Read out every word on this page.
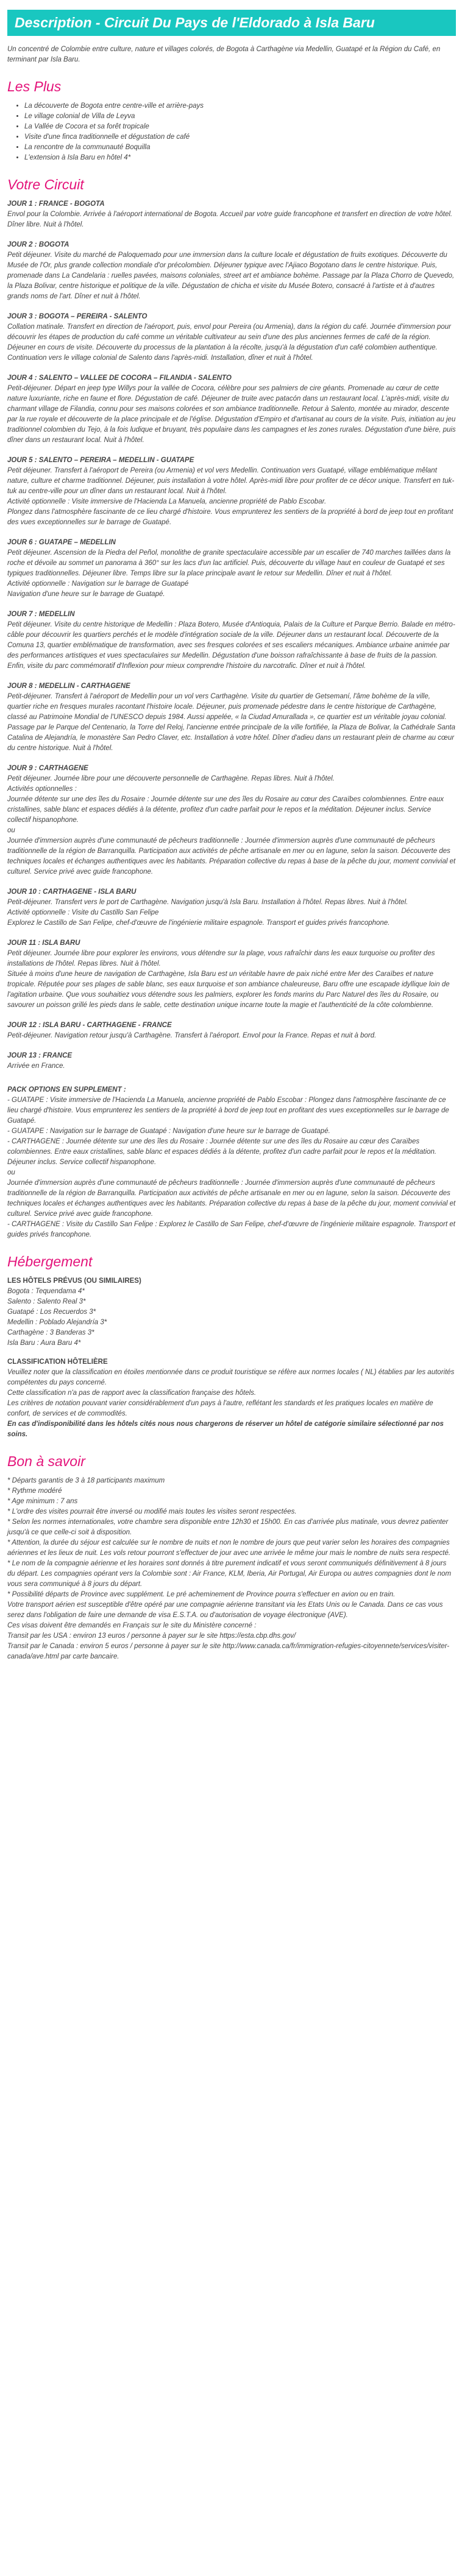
Description - Circuit Du Pays de l'Eldorado à Isla Baru

Un concentré de Colombie entre culture, nature et villages colorés, de Bogota à Carthagène via Medellin, Guatapé et la Région du Café, en terminant par Isla Baru.

Les Plus
• La découverte de Bogota entre centre-ville et arrière-pays
• Le village colonial de Villa de Leyva
• La Vallée de Cocora et sa forêt tropicale
• Visite d'une finca traditionnelle et dégustation de café
• La rencontre de la communauté Boquilla
• L'extension à Isla Baru en hôtel 4*
Votre Circuit
JOUR 1 : FRANCE - BOGOTA
Envol pour la Colombie. Arrivée à l'aéroport international de Bogota. Accueil par votre guide francophone et transfert en direction de votre hôtel. Dîner libre. Nuit à l'hôtel.
JOUR 2 : BOGOTA
Petit déjeuner. Visite du marché de Paloquemado pour une immersion dans la culture locale et dégustation de fruits exotiques. Découverte du Musée de l'Or, plus grande collection mondiale d'or précolombien. Déjeuner typique avec l'Ajiaco Bogotano dans le centre historique. Puis, promenade dans La Candelaria : ruelles pavées, maisons coloniales, street art et ambiance bohème. Passage par la Plaza Chorro de Quevedo, la Plaza Bolivar, centre historique et politique de la ville. Dégustation de chicha et visite du Musée Botero, consacré à l'artiste et à d'autres grands noms de l'art. Dîner et nuit à l'hôtel.
JOUR 3 : BOGOTA – PEREIRA - SALENTO
Collation matinale. Transfert en direction de l'aéroport, puis, envol pour Pereira (ou Armenia), dans la région du café. Journée d'immersion pour découvrir les étapes de production du café comme un véritable cultivateur au sein d'une des plus anciennes fermes de café de la région. Déjeuner en cours de visite. Découverte du processus de la plantation à la récolte, jusqu'à la dégustation d'un café colombien authentique. Continuation vers le village colonial de Salento dans l'après-midi. Installation, dîner et nuit à l'hôtel.
JOUR 4 : SALENTO – VALLEE DE COCORA – FILANDIA - SALENTO
Petit-déjeuner. Départ en jeep type Willys pour la vallée de Cocora, célèbre pour ses palmiers de cire géants. Promenade au cœur de cette nature luxuriante, riche en faune et flore. Dégustation de café. Déjeuner de truite avec patacón dans un restaurant local. L'après-midi, visite du charmant village de Filandia, connu pour ses maisons colorées et son ambiance traditionnelle. Retour à Salento, montée au mirador, descente par la rue royale et découverte de la place principale et de l'église. Dégustation d'Empiro et d'artisanat au cours de la visite. Puis, initiation au jeu traditionnel colombien du Tejo, à la fois ludique et bruyant, très populaire dans les campagnes et les zones rurales. Dégustation d'une bière, puis dîner dans un restaurant local. Nuit à l'hôtel.
JOUR 5 : SALENTO – PEREIRA – MEDELLIN - GUATAPE
Petit déjeuner. Transfert à l'aéroport de Pereira (ou Armenia) et vol vers Medellin. Continuation vers Guatapé, village emblématique mêlant nature, culture et charme traditionnel. Déjeuner, puis installation à votre hôtel. Après-midi libre pour profiter de ce décor unique. Transfert en tuk-tuk au centre-ville pour un dîner dans un restaurant local. Nuit à l'hôtel.
Activité optionnelle : Visite immersive de l'Hacienda La Manuela, ancienne propriété de Pablo Escobar.
Plongez dans l'atmosphère fascinante de ce lieu chargé d'histoire. Vous emprunterez les sentiers de la propriété à bord de jeep tout en profitant des vues exceptionnelles sur le barrage de Guatapé.
JOUR 6 : GUATAPE – MEDELLIN
Petit déjeuner. Ascension de la Piedra del Peñol, monolithe de granite spectaculaire accessible par un escalier de 740 marches taillées dans la roche et dévoile au sommet un panorama à 360° sur les lacs d'un lac artificiel. Puis, découverte du village haut en couleur de Guatapé et ses typiques traditionnelles. Déjeuner libre. Temps libre sur la place principale avant le retour sur Medellin. Dîner et nuit à l'hôtel.
Activité optionnelle : Navigation sur le barrage de Guatapé
Navigation d'une heure sur le barrage de Guatapé.
JOUR 7 : MEDELLIN
Petit déjeuner. Visite du centre historique de Medellin : Plaza Botero, Musée d'Antioquia, Palais de la Culture et Parque Berrio. Balade en métro-câble pour découvrir les quartiers perchés et le modèle d'intégration sociale de la ville. Déjeuner dans un restaurant local. Découverte de la Comuna 13, quartier emblématique de transformation, avec ses fresques colorées et ses escaliers mécaniques. Ambiance urbaine animée par des performances artistiques et vues spectaculaires sur Medellin. Dégustation d'une boisson rafraîchissante à base de fruits de la passion. Enfin, visite du parc commémoratif d'Inflexion pour mieux comprendre l'histoire du narcotrafic. Dîner et nuit à l'hôtel.
JOUR 8 : MEDELLIN - CARTHAGENE
Petit-déjeuner. Transfert à l'aéroport de Medellin pour un vol vers Carthagène. Visite du quartier de Getsemaní, l'âme bohème de la ville, quartier riche en fresques murales racontant l'histoire locale. Déjeuner, puis promenade pédestre dans le centre historique de Carthagène, classé au Patrimoine Mondial de l'UNESCO depuis 1984. Aussi appelée, « la Ciudad Amurallada », ce quartier est un véritable joyau colonial. Passage par le Parque del Centenario, la Torre del Reloj, l'ancienne entrée principale de la ville fortifiée, la Plaza de Bolivar, la Cathédrale Santa Catalina de Alejandría, le monastère San Pedro Claver, etc. Installation à votre hôtel. Dîner d'adieu dans un restaurant plein de charme au cœur du centre historique. Nuit à l'hôtel.
JOUR 9 : CARTHAGENE
Petit déjeuner. Journée libre pour une découverte personnelle de Carthagène. Repas libres. Nuit à l'hôtel.
Activités optionnelles :
Journée détente sur une des îles du Rosaire : Journée détente sur une des îles du Rosaire au cœur des Caraïbes colombiennes. Entre eaux cristallines, sable blanc et espaces dédiés à la détente, profitez d'un cadre parfait pour le repos et la méditation. Déjeuner inclus. Service collectif hispanophone.
ou
Journée d'immersion auprès d'une communauté de pêcheurs traditionnelle : Journée d'immersion auprès d'une communauté de pêcheurs traditionnelle de la région de Barranquilla. Participation aux activités de pêche artisanale en mer ou en lagune, selon la saison. Découverte des techniques locales et échanges authentiques avec les habitants. Préparation collective du repas à base de la pêche du jour, moment convivial et culturel. Service privé avec guide francophone.
JOUR 10 : CARTHAGENE - ISLA BARU
Petit-déjeuner. Transfert vers le port de Carthagène. Navigation jusqu'à Isla Baru. Installation à l'hôtel. Repas libres. Nuit à l'hôtel.
Activité optionnelle : Visite du Castillo San Felipe
Explorez le Castillo de San Felipe, chef-d'œuvre de l'ingénierie militaire espagnole. Transport et guides privés francophone.
JOUR 11 : ISLA BARU
Petit déjeuner. Journée libre pour explorer les environs, vous détendre sur la plage, vous rafraîchir dans les eaux turquoise ou profiter des installations de l'hôtel. Repas libres. Nuit à l'hôtel.
Située à moins d'une heure de navigation de Carthagène, Isla Baru est un véritable havre de paix niché entre Mer des Caraïbes et nature tropicale. Réputée pour ses plages de sable blanc, ses eaux turquoise et son ambiance chaleureuse, Baru offre une escapade idyllique loin de l'agitation urbaine. Que vous souhaitiez vous détendre sous les palmiers, explorer les fonds marins du Parc Naturel des îles du Rosaire, ou savourer un poisson grillé les pieds dans le sable, cette destination unique incarne toute la magie et l'authenticité de la côte colombienne.
JOUR 12 : ISLA BARU - CARTHAGENE - FRANCE
Petit-déjeuner. Navigation retour jusqu'à Carthagène. Transfert à l'aéroport. Envol pour la France. Repas et nuit à bord.
JOUR 13 : FRANCE
Arrivée en France.
PACK OPTIONS EN SUPPLEMENT :
- GUATAPE : Visite immersive de l'Hacienda La Manuela, ancienne propriété de Pablo Escobar : Plongez dans l'atmosphère fascinante de ce lieu chargé d'histoire. Vous emprunterez les sentiers de la propriété à bord de jeep tout en profitant des vues exceptionnelles sur le barrage de Guatapé.
- GUATAPE : Navigation sur le barrage de Guatapé : Navigation d'une heure sur le barrage de Guatapé.
- CARTHAGENE : Journée détente sur une des îles du Rosaire : Journée détente sur une des îles du Rosaire au cœur des Caraïbes colombiennes. Entre eaux cristallines, sable blanc et espaces dédiés à la détente, profitez d'un cadre parfait pour le repos et la méditation. Déjeuner inclus. Service collectif hispanophone.
ou
Journée d'immersion auprès d'une communauté de pêcheurs traditionnelle : Journée d'immersion auprès d'une communauté de pêcheurs traditionnelle de la région de Barranquilla. Participation aux activités de pêche artisanale en mer ou en lagune, selon la saison. Découverte des techniques locales et échanges authentiques avec les habitants. Préparation collective du repas à base de la pêche du jour, moment convivial et culturel. Service privé avec guide francophone.
- CARTHAGENE : Visite du Castillo San Felipe : Explorez le Castillo de San Felipe, chef-d'œuvre de l'ingénierie militaire espagnole. Transport et guides privés francophone.
Hébergement
LES HÔTELS PRÉVUS (OU SIMILAIRES)
Bogota : Tequendama 4*
Salento : Salento Real 3*
Guatapé : Los Recuerdos 3*
Medellin : Poblado Alejandría 3*
Carthagène : 3 Banderas 3*
Isla Baru : Aura Baru 4*
CLASSIFICATION HÔTELIÈRE
Veuillez noter que la classification en étoiles mentionnée dans ce produit touristique se réfère aux normes locales ( NL) établies par les autorités compétentes du pays concerné.
Cette classification n'a pas de rapport avec la classification française des hôtels.
Les critères de notation pouvant varier considérablement d'un pays à l'autre, reflétant les standards et les pratiques locales en matière de confort, de services et de commodités.
En cas d'indisponibilité dans les hôtels cités nous nous chargerons de réserver un hôtel de catégorie similaire sélectionné par nos soins.
Bon à savoir
* Départs garantis de 3 à 18 participants maximum
* Rythme modéré
* Age minimum : 7 ans
* L'ordre des visites pourrait être inversé ou modifié mais toutes les visites seront respectées.
* Selon les normes internationales, votre chambre sera disponible entre 12h30 et 15h00. En cas d'arrivée plus matinale, vous devrez patienter jusqu'à ce que celle-ci soit à disposition.
* Attention, la durée du séjour est calculée sur le nombre de nuits et non le nombre de jours que peut varier selon les horaires des compagnies aériennes et les lieux de nuit. Les vols retour pourront s'effectuer de jour avec une arrivée le même jour mais le nombre de nuits sera respecté.
* Le nom de la compagnie aérienne et les horaires sont donnés à titre purement indicatif et vous seront communiqués définitivement à 8 jours du départ. Les compagnies opérant vers la Colombie sont : Air France, KLM, Iberia, Air Portugal, Air Europa ou autres compagnies dont le nom vous sera communiqué à 8 jours du départ.
* Possibilité départs de Province avec supplément. Le pré acheminement de Province pourra s'effectuer en avion ou en train.
Votre transport aérien est susceptible d'être opéré par une compagnie aérienne transitant via les Etats Unis ou le Canada. Dans ce cas vous serez dans l'obligation de faire une demande de visa E.S.T.A. ou d'autorisation de voyage électronique (AVE).
Ces visas doivent être demandés en Français sur le site du Ministère concerné :
Transit par les USA : environ 13 euros / personne à payer sur le site https://esta.cbp.dhs.gov/
Transit par le Canada : environ 5 euros / personne à payer sur le site http://www.canada.ca/fr/immigration-refugies-citoyennete/services/visiter-canada/ave.html par carte bancaire.
